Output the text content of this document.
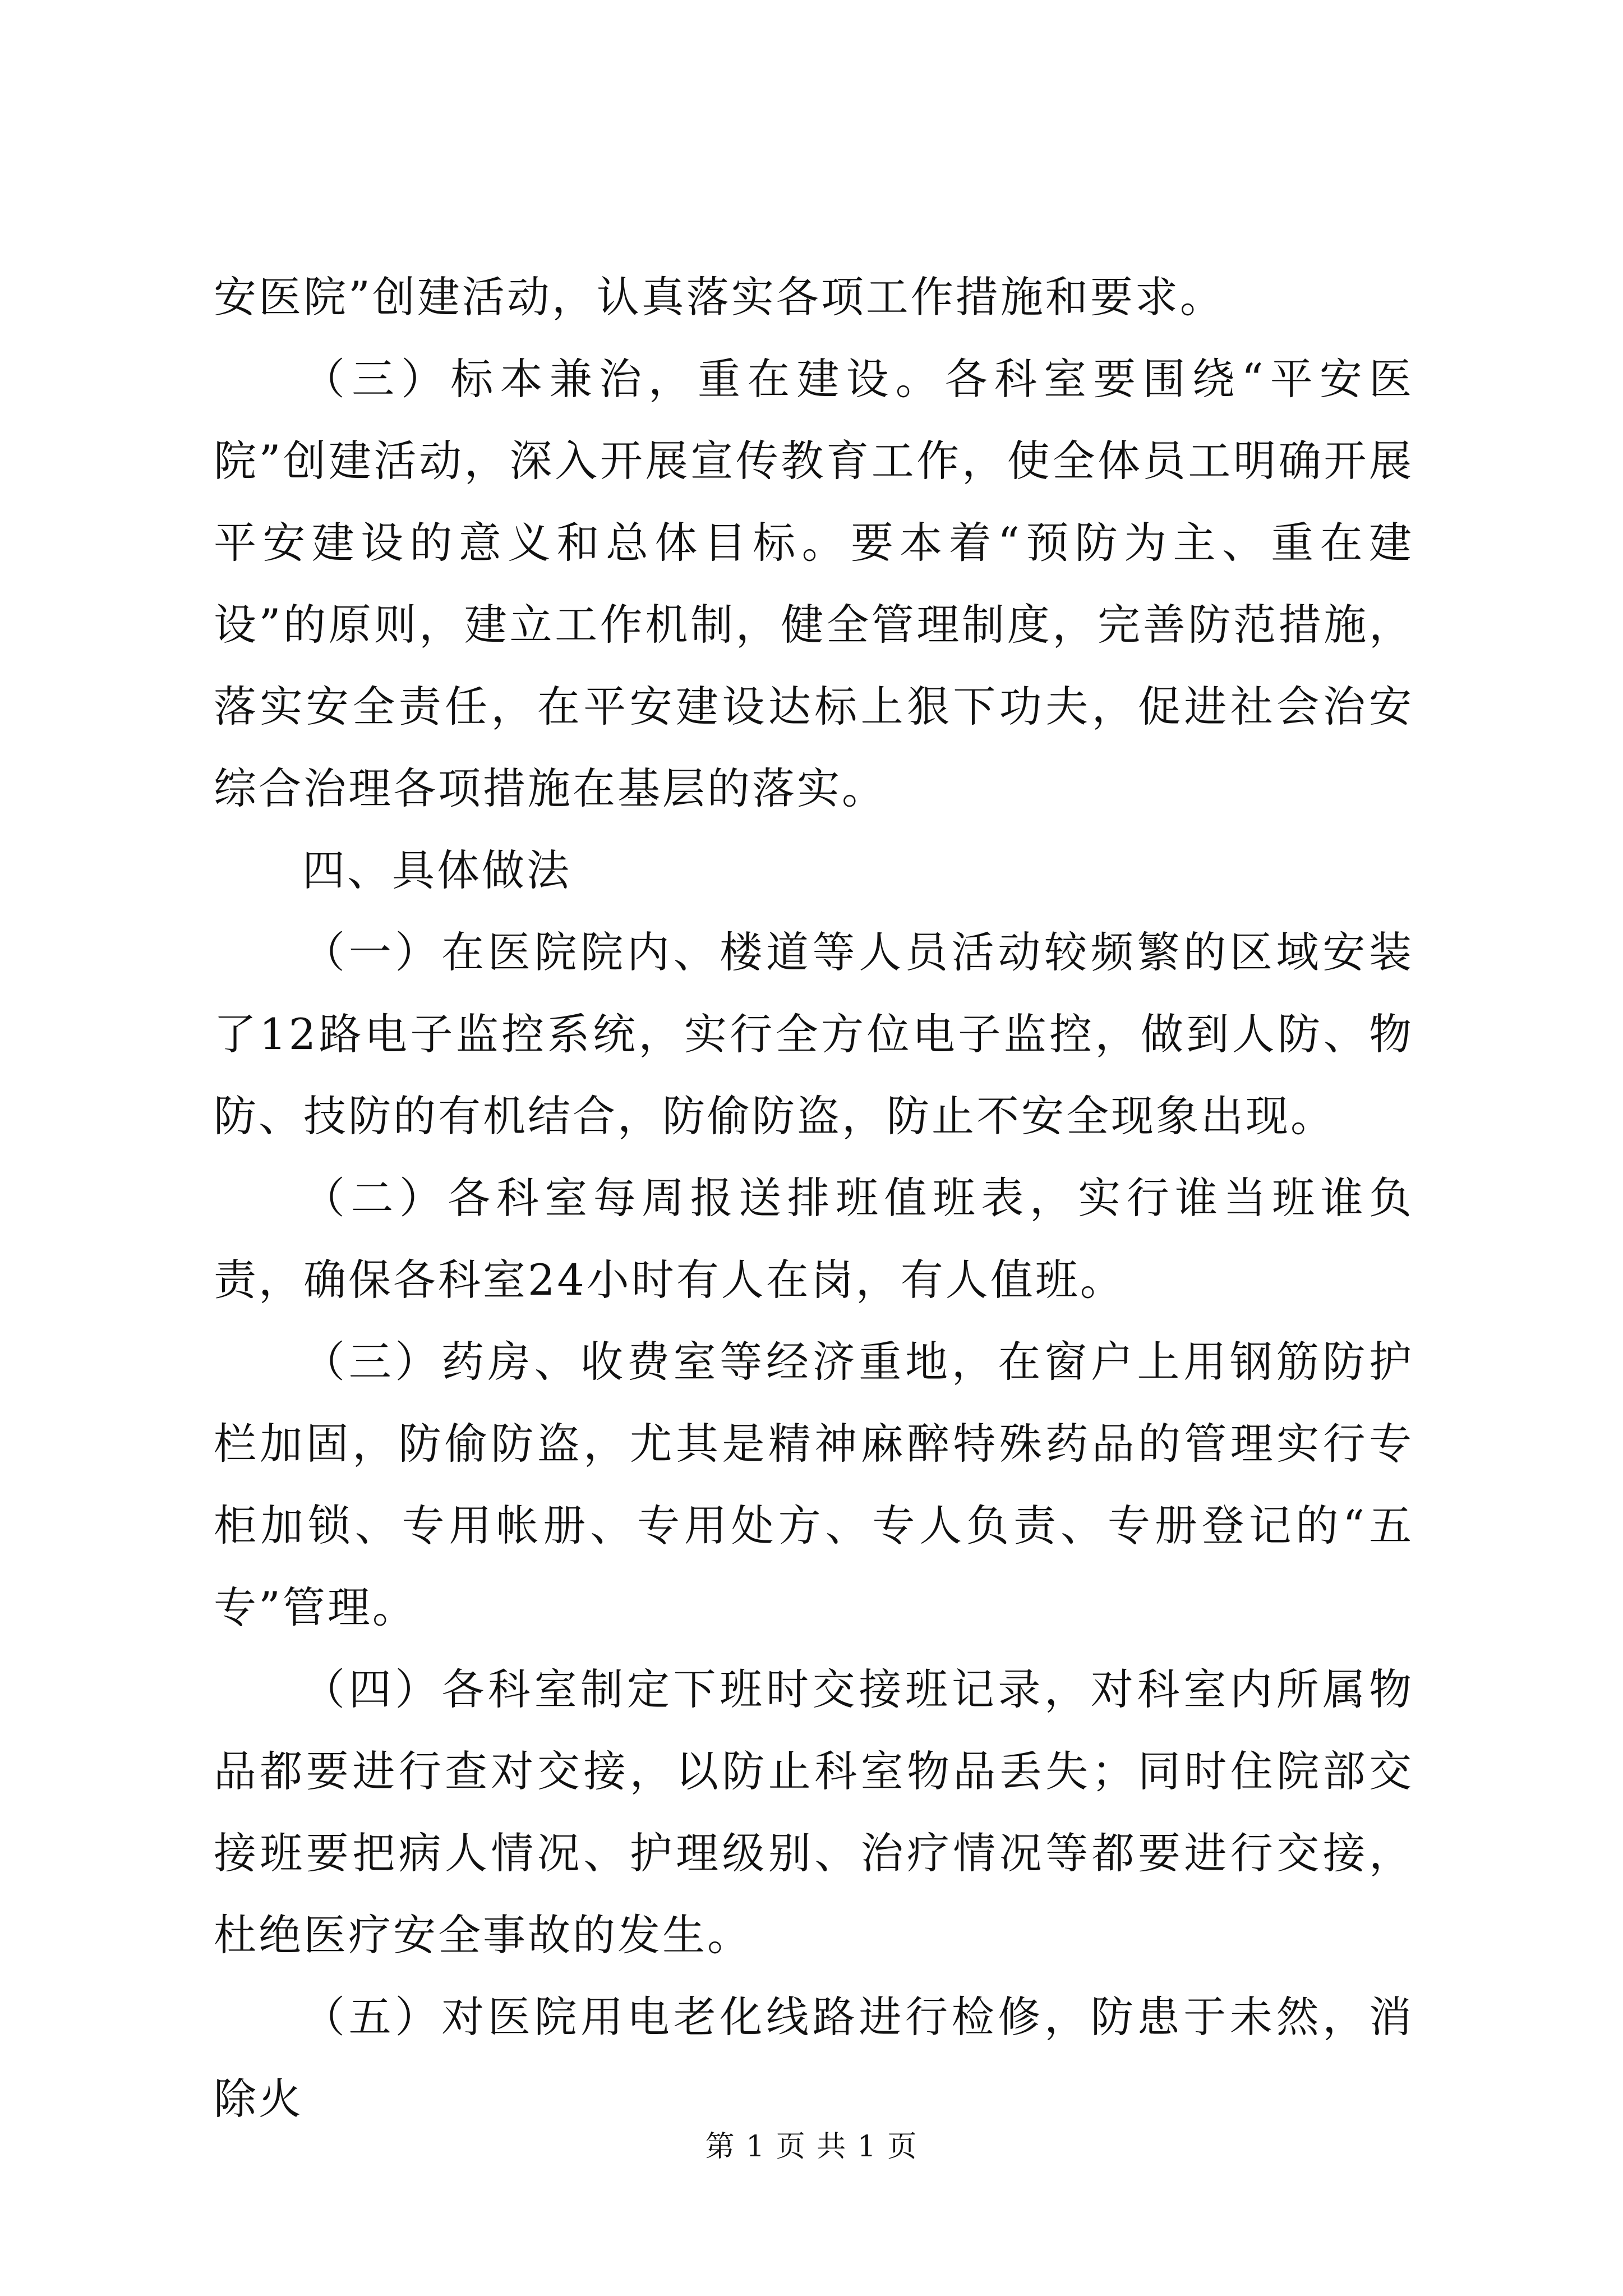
安医院”创建活动，认真落实各项工作措施和要求。

（三）标本兼治，重在建设。各科室要围绕“平安医院”创建活动，深入开展宣传教育工作，使全体员工明确开展平安建设的意义和总体目标。要本着“预防为主、重在建设”的原则，建立工作机制，健全管理制度，完善防范措施，落实安全责任，在平安建设达标上狠下功夫，促进社会治安综合治理各项措施在基层的落实。

四、具体做法

（一）在医院院内、楼道等人员活动较频繁的区域安装了12路电子监控系统，实行全方位电子监控，做到人防、物防、技防的有机结合，防偷防盗，防止不安全现象出现。

（二）各科室每周报送排班值班表，实行谁当班谁负责，确保各科室24小时有人在岗，有人值班。

（三）药房、收费室等经济重地，在窗户上用钢筋防护栏加固，防偷防盗，尤其是精神麻醉特殊药品的管理实行专柜加锁、专用帐册、专用处方、专人负责、专册登记的“五专”管理。

（四）各科室制定下班时交接班记录，对科室内所属物品都要进行查对交接，以防止科室物品丢失；同时住院部交接班要把病人情况、护理级别、治疗情况等都要进行交接，杜绝医疗安全事故的发生。

（五）对医院用电老化线路进行检修，防患于未然，消除火

第 1 页 共 1 页
